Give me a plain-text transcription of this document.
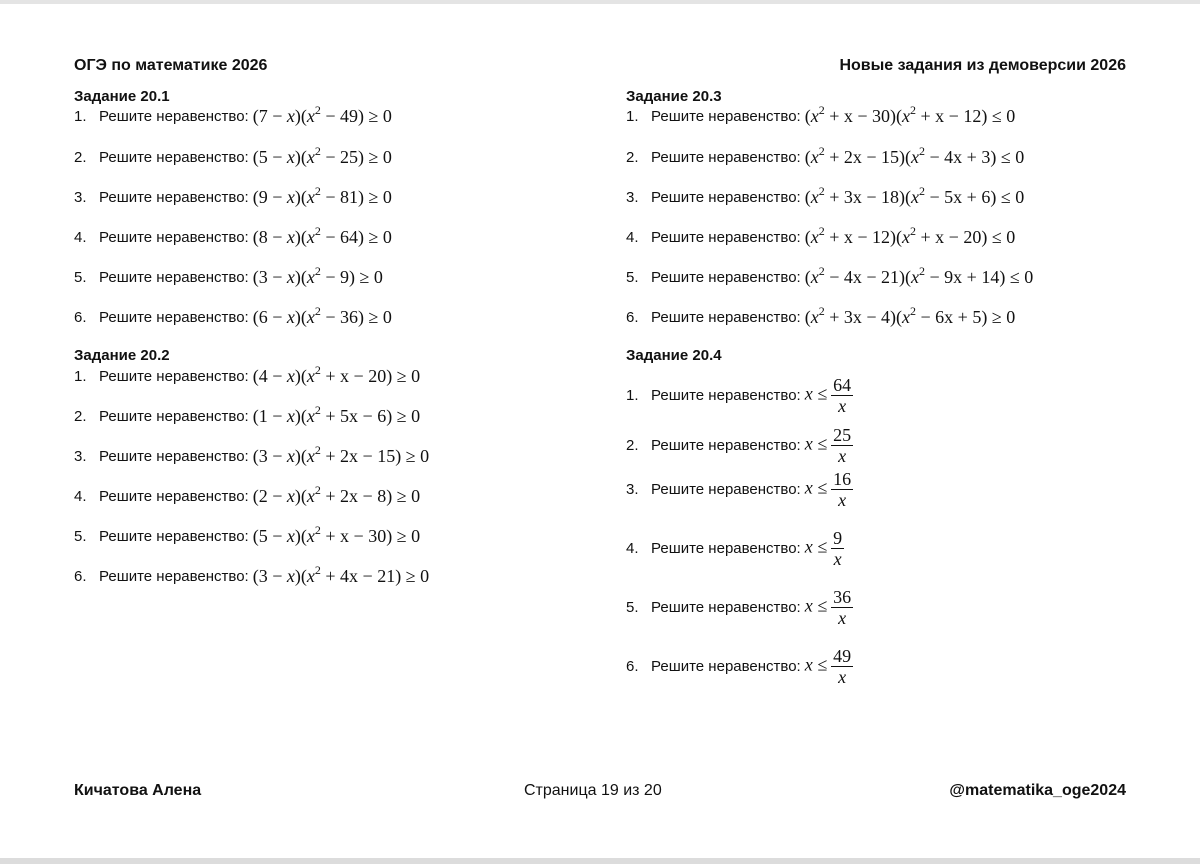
ОГЭ по математике 2026	Новые задания из демоверсии 2026
Задание 20.1
1. Решите неравенство: $(7 - x)(x^2 - 49) \ge 0$
2. Решите неравенство: $(5 - x)(x^2 - 25) \ge 0$
3. Решите неравенство: $(9 - x)(x^2 - 81) \ge 0$
4. Решите неравенство: $(8 - x)(x^2 - 64) \ge 0$
5. Решите неравенство: $(3 - x)(x^2 - 9) \ge 0$
6. Решите неравенство: $(6 - x)(x^2 - 36) \ge 0$
Задание 20.2
1. Решите неравенство: $(4 - x)(x^2 + x - 20) \ge 0$
2. Решите неравенство: $(1 - x)(x^2 + 5x - 6) \ge 0$
3. Решите неравенство: $(3 - x)(x^2 + 2x - 15) \ge 0$
4. Решите неравенство: $(2 - x)(x^2 + 2x - 8) \ge 0$
5. Решите неравенство: $(5 - x)(x^2 + x - 30) \ge 0$
6. Решите неравенство: $(3 - x)(x^2 + 4x - 21) \ge 0$
Задание 20.3
1. Решите неравенство: $(x^2 + x - 30)(x^2 + x - 12) \le 0$
2. Решите неравенство: $(x^2 + 2x - 15)(x^2 - 4x + 3) \le 0$
3. Решите неравенство: $(x^2 + 3x - 18)(x^2 - 5x + 6) \le 0$
4. Решите неравенство: $(x^2 + x - 12)(x^2 + x - 20) \le 0$
5. Решите неравенство: $(x^2 - 4x - 21)(x^2 - 9x + 14) \le 0$
6. Решите неравенство: $(x^2 + 3x - 4)(x^2 - 6x + 5) \ge 0$
Задание 20.4
1. Решите неравенство: $x \le \frac{64}{x}$
2. Решите неравенство: $x \le \frac{25}{x}$
3. Решите неравенство: $x \le \frac{16}{x}$
4. Решите неравенство: $x \le \frac{9}{x}$
5. Решите неравенство: $x \le \frac{36}{x}$
6. Решите неравенство: $x \le \frac{49}{x}$
Кичатова Алена	Страница 19 из 20	@matematika_oge2024
